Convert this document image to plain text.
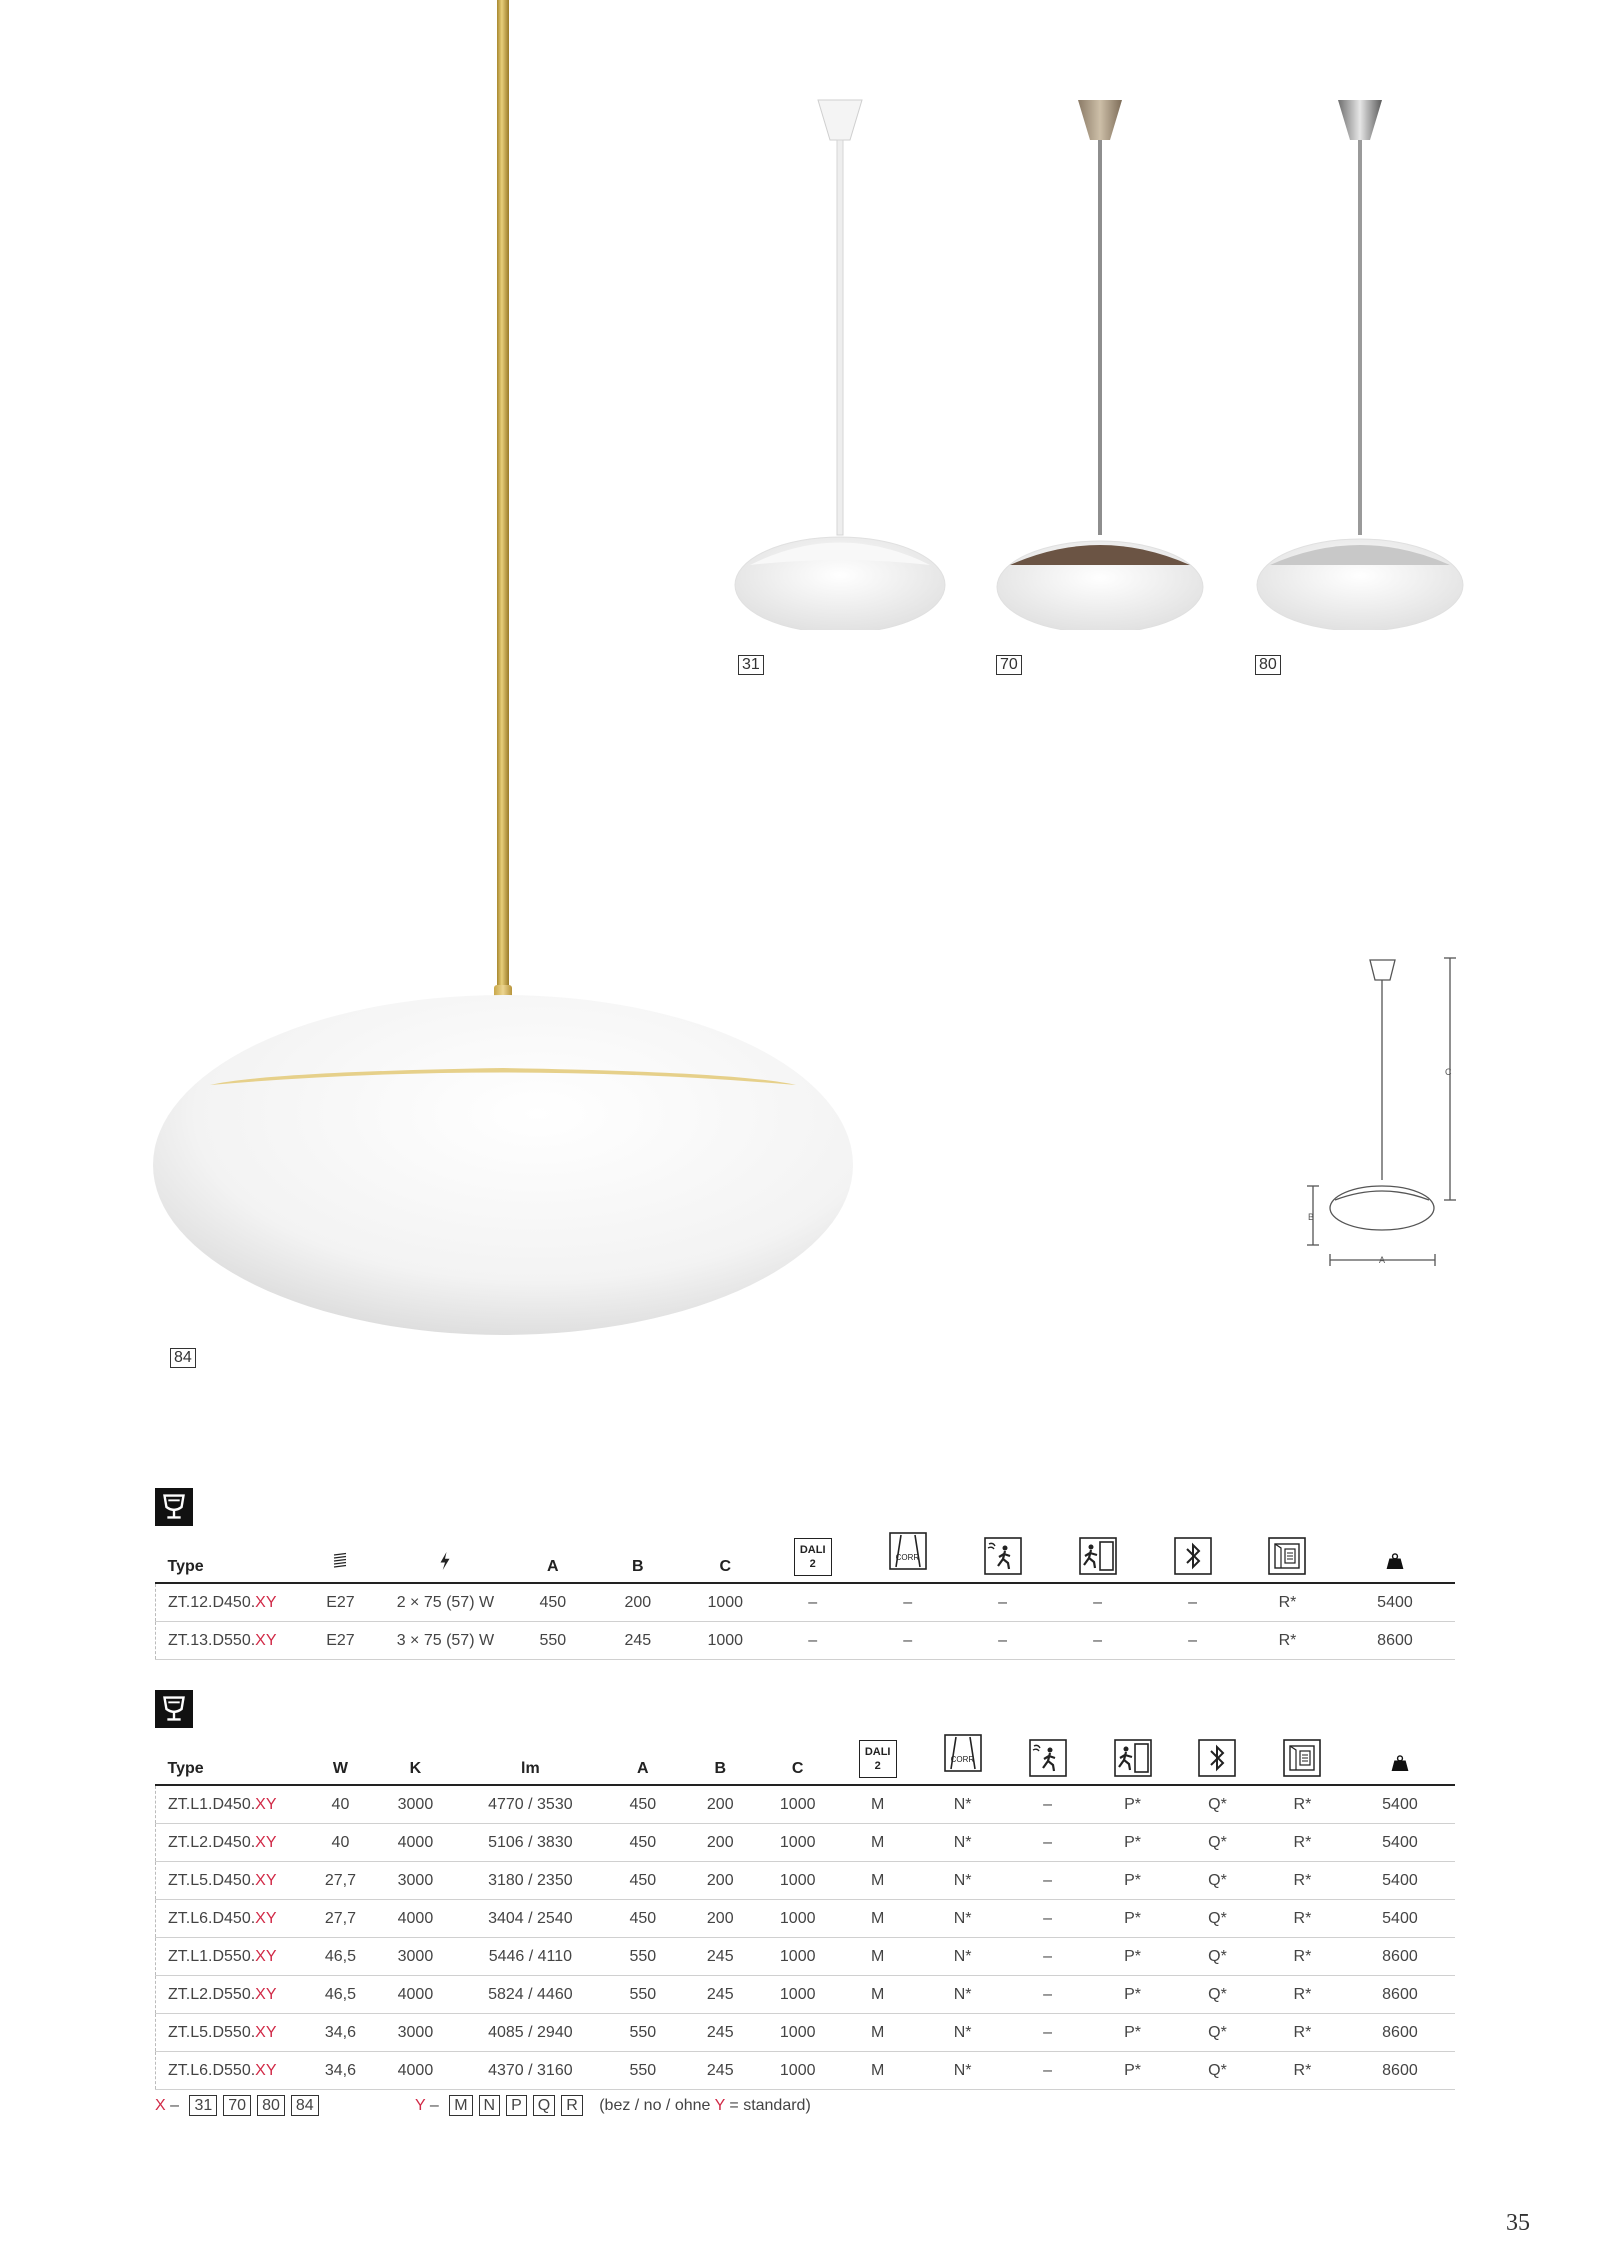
84
31	70	80
C
B
A
Type			A	B	C	DALI
2	CORR

ZT.12.D450.XY	E27	2 × 75 (57) W	450	200	1000	–	–	–	–	–	R*	5400
ZT.13.D550.XY	E27	3 × 75 (57) W	550	245	1000	–	–	–	–	–	R*	8600
Type	W	K	lm	A	B	C	DALI
2	CORR

ZT.L1.D450.XY	40	3000	4770 / 3530	450	200	1000	M	N*	–	P*	Q*	R*	5400
ZT.L2.D450.XY	40	4000	5106 / 3830	450	200	1000	M	N*	–	P*	Q*	R*	5400
ZT.L5.D450.XY	27,7	3000	3180 / 2350	450	200	1000	M	N*	–	P*	Q*	R*	5400
ZT.L6.D450.XY	27,7	4000	3404 / 2540	450	200	1000	M	N*	–	P*	Q*	R*	5400
ZT.L1.D550.XY	46,5	3000	5446 / 4110	550	245	1000	M	N*	–	P*	Q*	R*	8600
ZT.L2.D550.XY	46,5	4000	5824 / 4460	550	245	1000	M	N*	–	P*	Q*	R*	8600
ZT.L5.D550.XY	34,6	3000	4085 / 2940	550	245	1000	M	N*	–	P*	Q*	R*	8600
ZT.L6.D550.XY	34,6	4000	4370 / 3160	550	245	1000	M	N*	–	P*	Q*	R*	8600
X – 31 70 80 84	Y – M N P Q R (bez / no / ohne Y = standard)
35
